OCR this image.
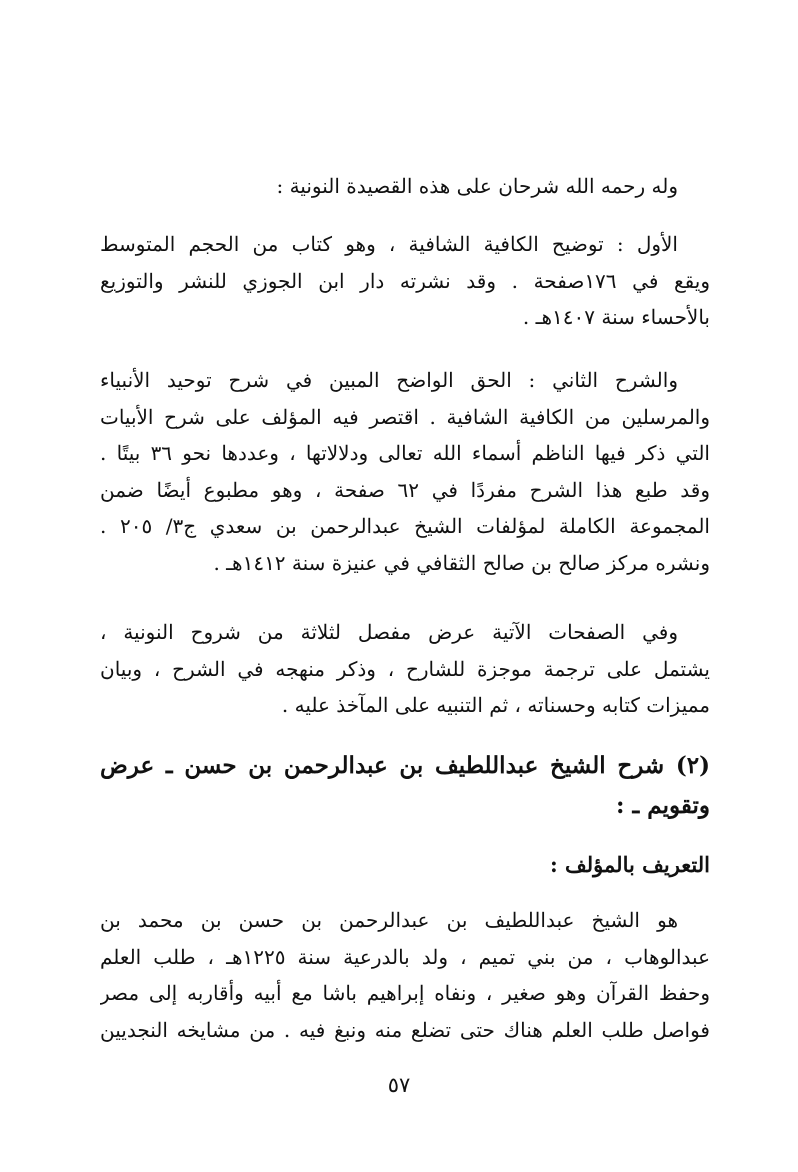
وله رحمه الله شرحان على هذه القصيدة النونية :

الأول : توضيح الكافية الشافية ، وهو كتاب من الحجم المتوسط
ويقع في ١٧٦صفحة . وقد نشرته دار ابن الجوزي للنشر والتوزيع
بالأحساء سنة ١٤٠٧هـ .

والشرح الثاني : الحق الواضح المبين في شرح توحيد الأنبياء
والمرسلين من الكافية الشافية . اقتصر فيه المؤلف على شرح الأبيات
التي ذكر فيها الناظم أسماء الله تعالى ودلالاتها ، وعددها نحو ٣٦ بيتًا .
وقد طبع هذا الشرح مفردًا في ٦٢ صفحة ، وهو مطبوع أيضًا ضمن
المجموعة الكاملة لمؤلفات الشيخ عبدالرحمن بن سعدي ج٣/ ٢٠٥ .
ونشره مركز صالح بن صالح الثقافي في عنيزة سنة ١٤١٢هـ .

وفي الصفحات الآتية عرض مفصل لثلاثة من شروح النونية ،
يشتمل على ترجمة موجزة للشارح ، وذكر منهجه في الشرح ، وبيان
مميزات كتابه وحسناته ، ثم التنبيه على المآخذ عليه .

(٢) شرح الشيخ عبداللطيف بن عبدالرحمن بن حسن ـ عرض
وتقويم ـ :
التعريف بالمؤلف :

هو الشيخ عبداللطيف بن عبدالرحمن بن حسن بن محمد بن
عبدالوهاب ، من بني تميم ، ولد بالدرعية سنة ١٢٢٥هـ ، طلب العلم
وحفظ القرآن وهو صغير ، ونفاه إبراهيم باشا مع أبيه وأقاربه إلى مصر
فواصل طلب العلم هناك حتى تضلع منه ونبغ فيه . من مشايخه النجديين

٥٧
